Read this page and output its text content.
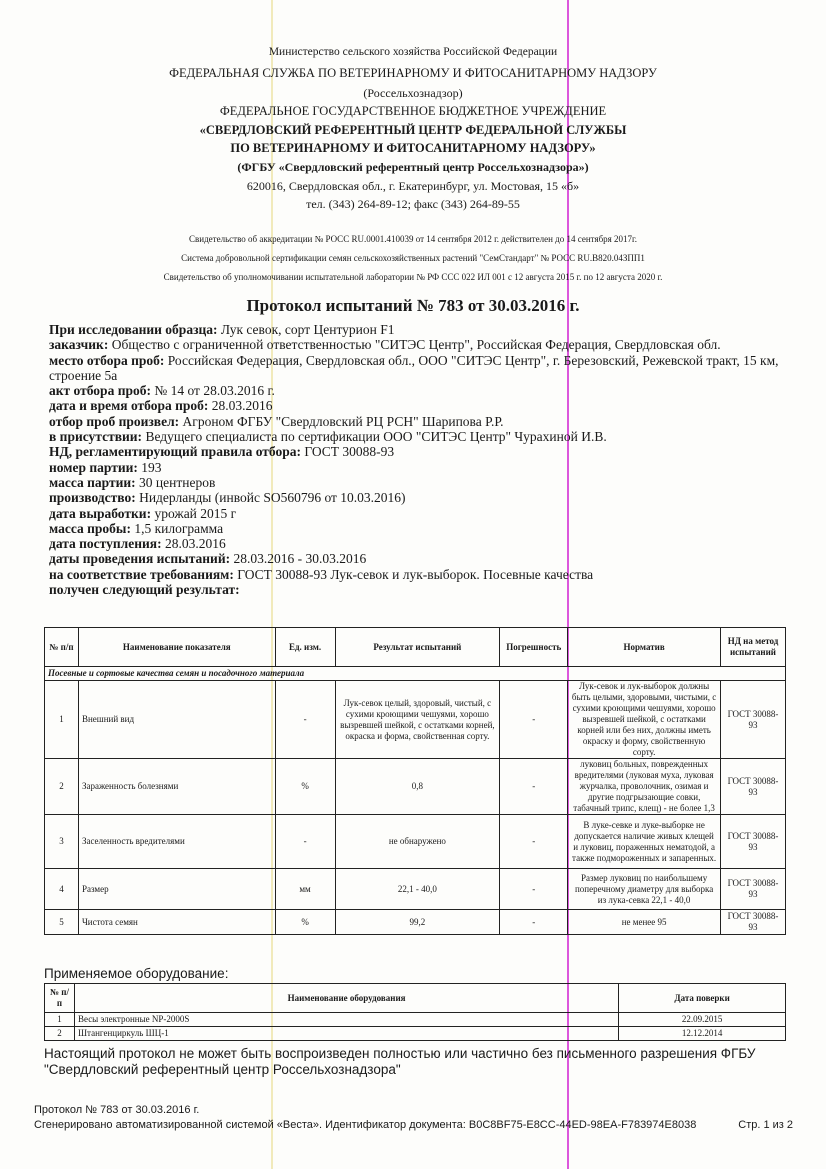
Министерство сельского хозяйства Российской Федерации
ФЕДЕРАЛЬНАЯ СЛУЖБА ПО ВЕТЕРИНАРНОМУ И ФИТОСАНИТАРНОМУ НАДЗОРУ
(Россельхознадзор)
ФЕДЕРАЛЬНОЕ ГОСУДАРСТВЕННОЕ БЮДЖЕТНОЕ УЧРЕЖДЕНИЕ
«СВЕРДЛОВСКИЙ РЕФЕРЕНТНЫЙ ЦЕНТР ФЕДЕРАЛЬНОЙ СЛУЖБЫ
ПО ВЕТЕРИНАРНОМУ И ФИТОСАНИТАРНОМУ НАДЗОРУ»
(ФГБУ «Свердловский референтный центр Россельхознадзора»)
620016, Свердловская обл., г. Екатеринбург, ул. Мостовая, 15 «б»
тел. (343) 264-89-12; факс (343) 264-89-55
Свидетельство об аккредитации № РОСС RU.0001.410039 от 14 сентября 2012 г. действителен до 14 сентября 2017г.
Система добровольной сертификации семян сельскохозяйственных растений "СемСтандарт" № РОСС RU.В820.04ЗПП1
Свидетельство об уполномочивании испытательной лаборатории № РФ ССС 022 ИЛ 001 с 12 августа 2015 г. по 12 августа 2020 г.
Протокол испытаний № 783 от 30.03.2016 г.
При исследовании образца: Лук севок, сорт Центурион F1
заказчик: Общество с ограниченной ответственностью "СИТЭС Центр", Российская Федерация, Свердловская обл.
место отбора проб: Российская Федерация, Свердловская обл., ООО "СИТЭС Центр", г. Березовский, Режевской тракт, 15 км, строение 5а
акт отбора проб: № 14 от 28.03.2016 г.
дата и время отбора проб: 28.03.2016
отбор проб произвел: Агроном ФГБУ "Свердловский РЦ РСН" Шарипова Р.Р.
в присутствии: Ведущего специалиста по сертификации ООО "СИТЭС Центр" Чурахиной И.В.
НД, регламентирующий правила отбора: ГОСТ 30088-93
номер партии: 193
масса партии: 30 центнеров
производство: Нидерланды (инвойс SO560796 от 10.03.2016)
дата выработки: урожай 2015 г
масса пробы: 1,5 килограмма
дата поступления: 28.03.2016
даты проведения испытаний: 28.03.2016 - 30.03.2016
на соответствие требованиям: ГОСТ 30088-93 Лук-севок и лук-выборок. Посевные качества
получен следующий результат:
№ п/п	Наименование показателя	Ед. изм.	Результат испытаний	Погрешность	Норматив	НД на метод испытаний
Посевные и сортовые качества семян и посадочного материала						
1	Внешний вид	-	Лук-севок целый, здоровый, чистый, с сухими кроющими чешуями, хорошо вызревшей шейкой, с остатками корней, окраска и форма, свойственная сорту.	-	Лук-севок и лук-выборок должны быть целыми, здоровыми, чистыми, с сухими кроющими чешуями, хорошо вызревшей шейкой, с остатками корней или без них, должны иметь окраску и форму, свойственную сорту.	ГОСТ 30088-93
2	Зараженность болезнями	%	0,8	-	луковиц больных, поврежденных вредителями (луковая муха, луковая журчалка, проволочник, озимая и другие подгрызающие совки, табачный трипс, клещ) - не более 1,3	ГОСТ 30088-93
3	Заселенность вредителями	-	не обнаружено	-	В луке-севке и луке-выборке не допускается наличие живых клещей и луковиц, пораженных нематодой, а также подмороженных и запаренных.	ГОСТ 30088-93
4	Размер	мм	22,1 - 40,0	-	Размер луковиц по наибольшему поперечному диаметру для выборка из лука-севка 22,1 - 40,0	ГОСТ 30088-93
5	Чистота семян	%	99,2	-	не менее 95	ГОСТ 30088-93
Применяемое оборудование:
№ п/п	Наименование оборудования	Дата поверки
1	Весы электронные NP-2000S	22.09.2015
2	Штангенциркуль ШЦ-1	12.12.2014
Настоящий протокол не может быть воспроизведен полностью или частично без письменного разрешения ФГБУ "Свердловский референтный центр Россельхознадзора"
Протокол № 783 от 30.03.2016 г.
Сгенерировано автоматизированной системой «Веста». Идентификатор документа: B0C8BF75-E8CC-44ED-98EA-F783974E8038	Стр. 1 из 2
